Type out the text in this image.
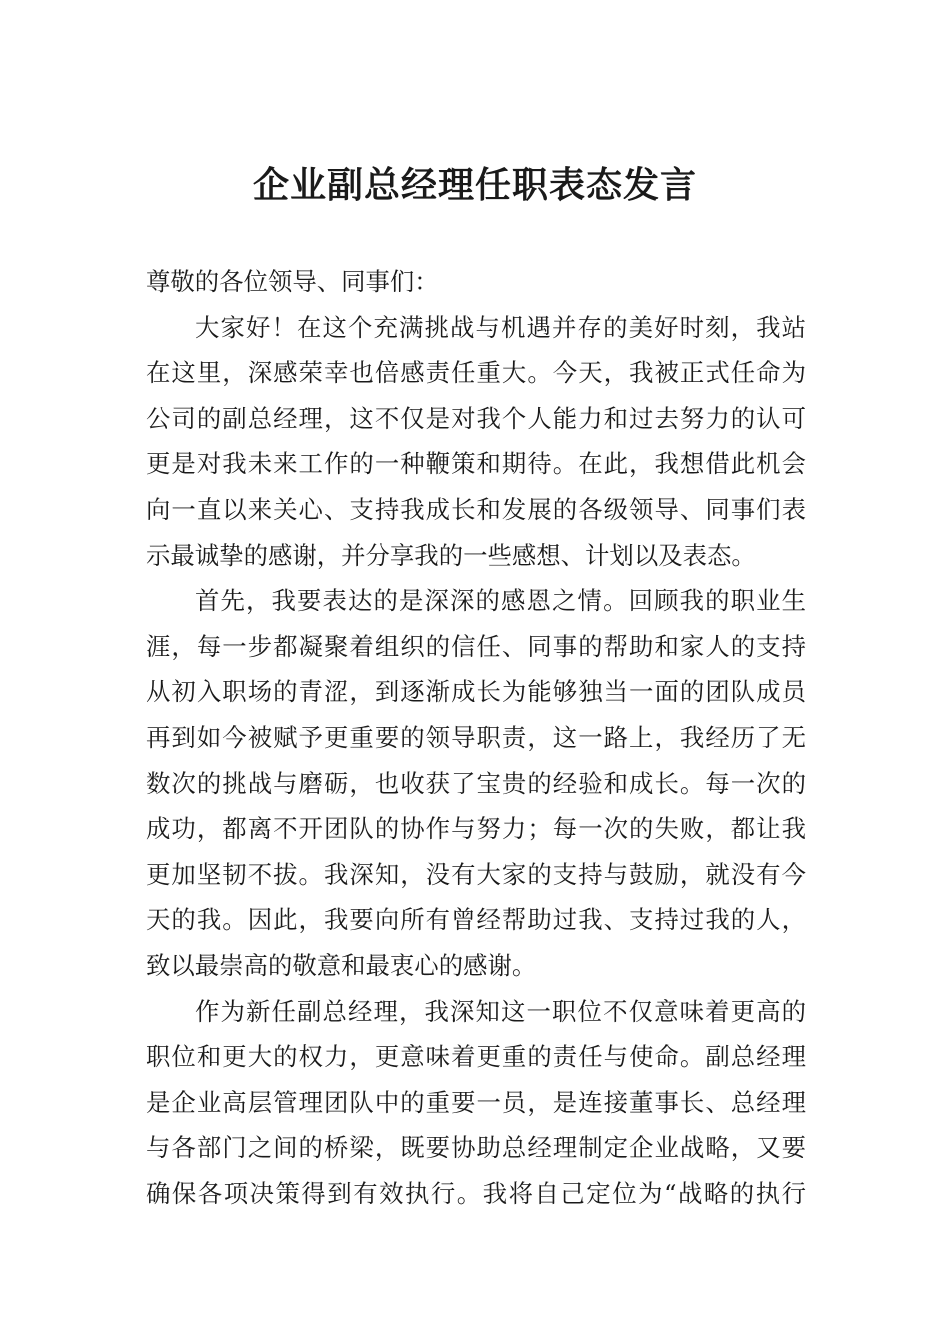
企业副总经理任职表态发言
尊敬的各位领导、同事们：
大家好！在这个充满挑战与机遇并存的美好时刻，我站
在这里，深感荣幸也倍感责任重大。今天，我被正式任命为
公司的副总经理，这不仅是对我个人能力和过去努力的认可
更是对我未来工作的一种鞭策和期待。在此，我想借此机会
向一直以来关心、支持我成长和发展的各级领导、同事们表
示最诚挚的感谢，并分享我的一些感想、计划以及表态。
首先，我要表达的是深深的感恩之情。回顾我的职业生
涯，每一步都凝聚着组织的信任、同事的帮助和家人的支持
从初入职场的青涩，到逐渐成长为能够独当一面的团队成员
再到如今被赋予更重要的领导职责，这一路上，我经历了无
数次的挑战与磨砺，也收获了宝贵的经验和成长。每一次的
成功，都离不开团队的协作与努力；每一次的失败，都让我
更加坚韧不拔。我深知，没有大家的支持与鼓励，就没有今
天的我。因此，我要向所有曾经帮助过我、支持过我的人，
致以最崇高的敬意和最衷心的感谢。
作为新任副总经理，我深知这一职位不仅意味着更高的
职位和更大的权力，更意味着更重的责任与使命。副总经理
是企业高层管理团队中的重要一员，是连接董事长、总经理
与各部门之间的桥梁，既要协助总经理制定企业战略，又要
确保各项决策得到有效执行。我将自己定位为“战略的执行
